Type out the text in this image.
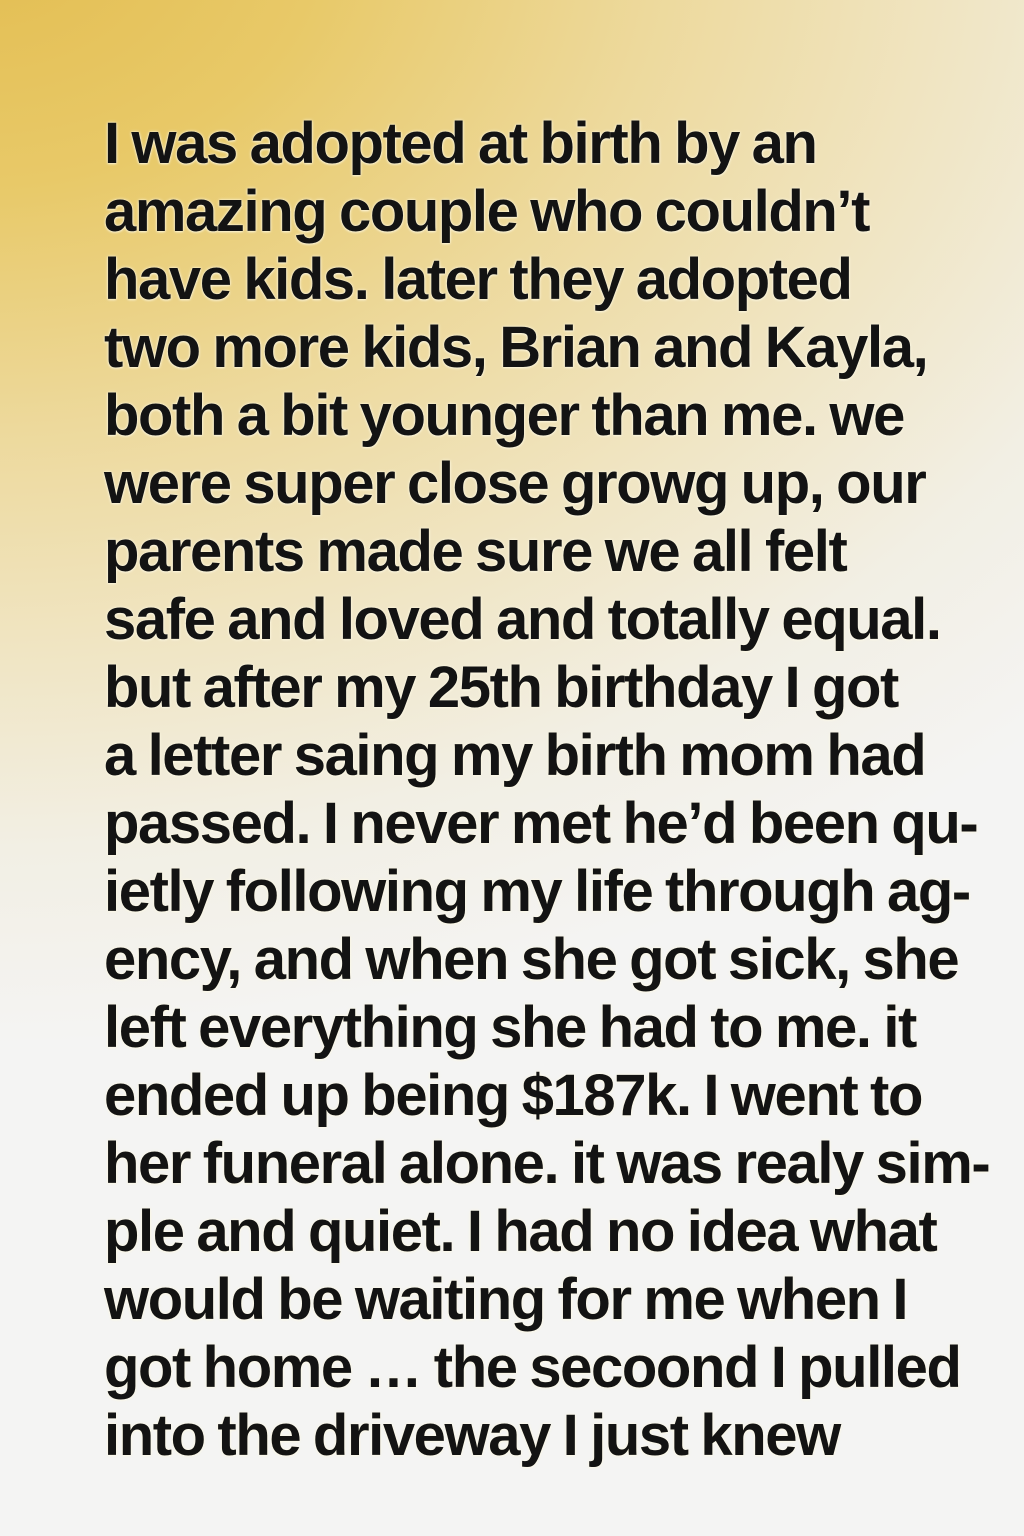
I was adopted at birth by an
amazing couple who couldn’t
have kids. later they adopted
two more kids, Brian and Kayla,
both a bit younger than me. we
were super close growg up, our
parents made sure we all felt
safe and loved and totally equal.
but after my 25th birthday I got
a letter saing my birth mom had
passed. I never met he’d been qu-
ietly following my life through ag-
ency, and when she got sick, she
left everything she had to me. it
ended up being $187k. I went to
her funeral alone. it was realy sim-
ple and quiet. I had no idea what
would be waiting for me when I
got home … the secoond I pulled
into the driveway I just knew
